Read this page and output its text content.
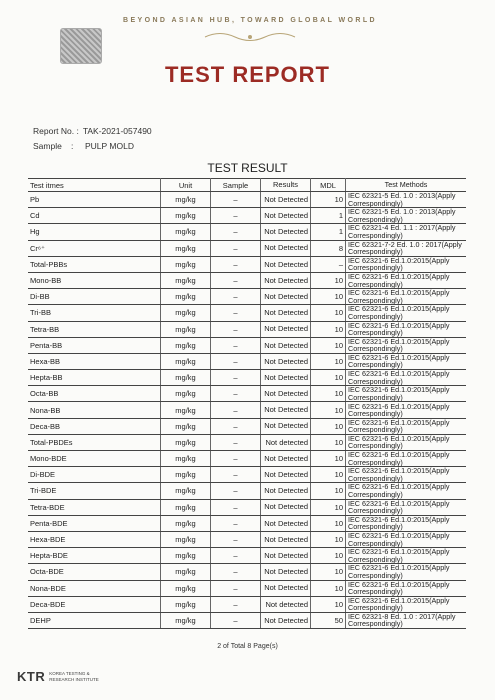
BEYOND ASIAN HUB, TOWARD GLOBAL WORLD
TEST REPORT
Report No. : TAK-2021-057490
Sample	:	PULP MOLD
TEST RESULT
Test itmes	Unit	Sample	Results	MDL	Test Methods
Pb	mg/kg	–	Not Detected	10	IEC 62321-5 Ed. 1.0 : 2013(Apply Correspondingly)
Cd	mg/kg	–	Not Detected	1	IEC 62321-5 Ed. 1.0 : 2013(Apply Correspondingly)
Hg	mg/kg	–	Not Detected	1	IEC 62321-4 Ed. 1.1 : 2017(Apply Correspondingly)
Cr⁶⁺	mg/kg	–	Not Detected	8	IEC 62321-7-2 Ed. 1.0 : 2017(Apply Correspondingly)
Total-PBBs	mg/kg	–	Not Detected	–	IEC 62321-6 Ed.1.0:2015(Apply Correspondingly)
Mono-BB	mg/kg	–	Not Detected	10	IEC 62321-6 Ed.1.0:2015(Apply Correspondingly)
Di-BB	mg/kg	–	Not Detected	10	IEC 62321-6 Ed.1.0:2015(Apply Correspondingly)
Tri-BB	mg/kg	–	Not Detected	10	IEC 62321-6 Ed.1.0:2015(Apply Correspondingly)
Tetra-BB	mg/kg	–	Not Detected	10	IEC 62321-6 Ed.1.0:2015(Apply Correspondingly)
Penta-BB	mg/kg	–	Not Detected	10	IEC 62321-6 Ed.1.0:2015(Apply Correspondingly)
Hexa-BB	mg/kg	–	Not Detected	10	IEC 62321-6 Ed.1.0:2015(Apply Correspondingly)
Hepta-BB	mg/kg	–	Not Detected	10	IEC 62321-6 Ed.1.0:2015(Apply Correspondingly)
Octa-BB	mg/kg	–	Not Detected	10	IEC 62321-6 Ed.1.0:2015(Apply Correspondingly)
Nona-BB	mg/kg	–	Not Detected	10	IEC 62321-6 Ed.1.0:2015(Apply Correspondingly)
Deca-BB	mg/kg	–	Not Detected	10	IEC 62321-6 Ed.1.0:2015(Apply Correspondingly)
Total-PBDEs	mg/kg	–	Not detected	10	IEC 62321-6 Ed.1.0:2015(Apply Correspondingly)
Mono-BDE	mg/kg	–	Not Detected	10	IEC 62321-6 Ed.1.0:2015(Apply Correspondingly)
Di-BDE	mg/kg	–	Not Detected	10	IEC 62321-6 Ed.1.0:2015(Apply Correspondingly)
Tri-BDE	mg/kg	–	Not Detected	10	IEC 62321-6 Ed.1.0:2015(Apply Correspondingly)
Tetra-BDE	mg/kg	–	Not Detected	10	IEC 62321-6 Ed.1.0:2015(Apply Correspondingly)
Penta-BDE	mg/kg	–	Not Detected	10	IEC 62321-6 Ed.1.0:2015(Apply Correspondingly)
Hexa-BDE	mg/kg	–	Not Detected	10	IEC 62321-6 Ed.1.0:2015(Apply Correspondingly)
Hepta-BDE	mg/kg	–	Not Detected	10	IEC 62321-6 Ed.1.0:2015(Apply Correspondingly)
Octa-BDE	mg/kg	–	Not Detected	10	IEC 62321-6 Ed.1.0:2015(Apply Correspondingly)
Nona-BDE	mg/kg	–	Not Detected	10	IEC 62321-6 Ed.1.0:2015(Apply Correspondingly)
Deca-BDE	mg/kg	–	Not detected	10	IEC 62321-6 Ed.1.0:2015(Apply Correspondingly)
DEHP	mg/kg	–	Not Detected	50	IEC 62321-8 Ed. 1.0 : 2017(Apply Correspondingly)
2 of Total 8 Page(s)
KTR KOREA TESTING &
RESEARCH INSTITUTE
